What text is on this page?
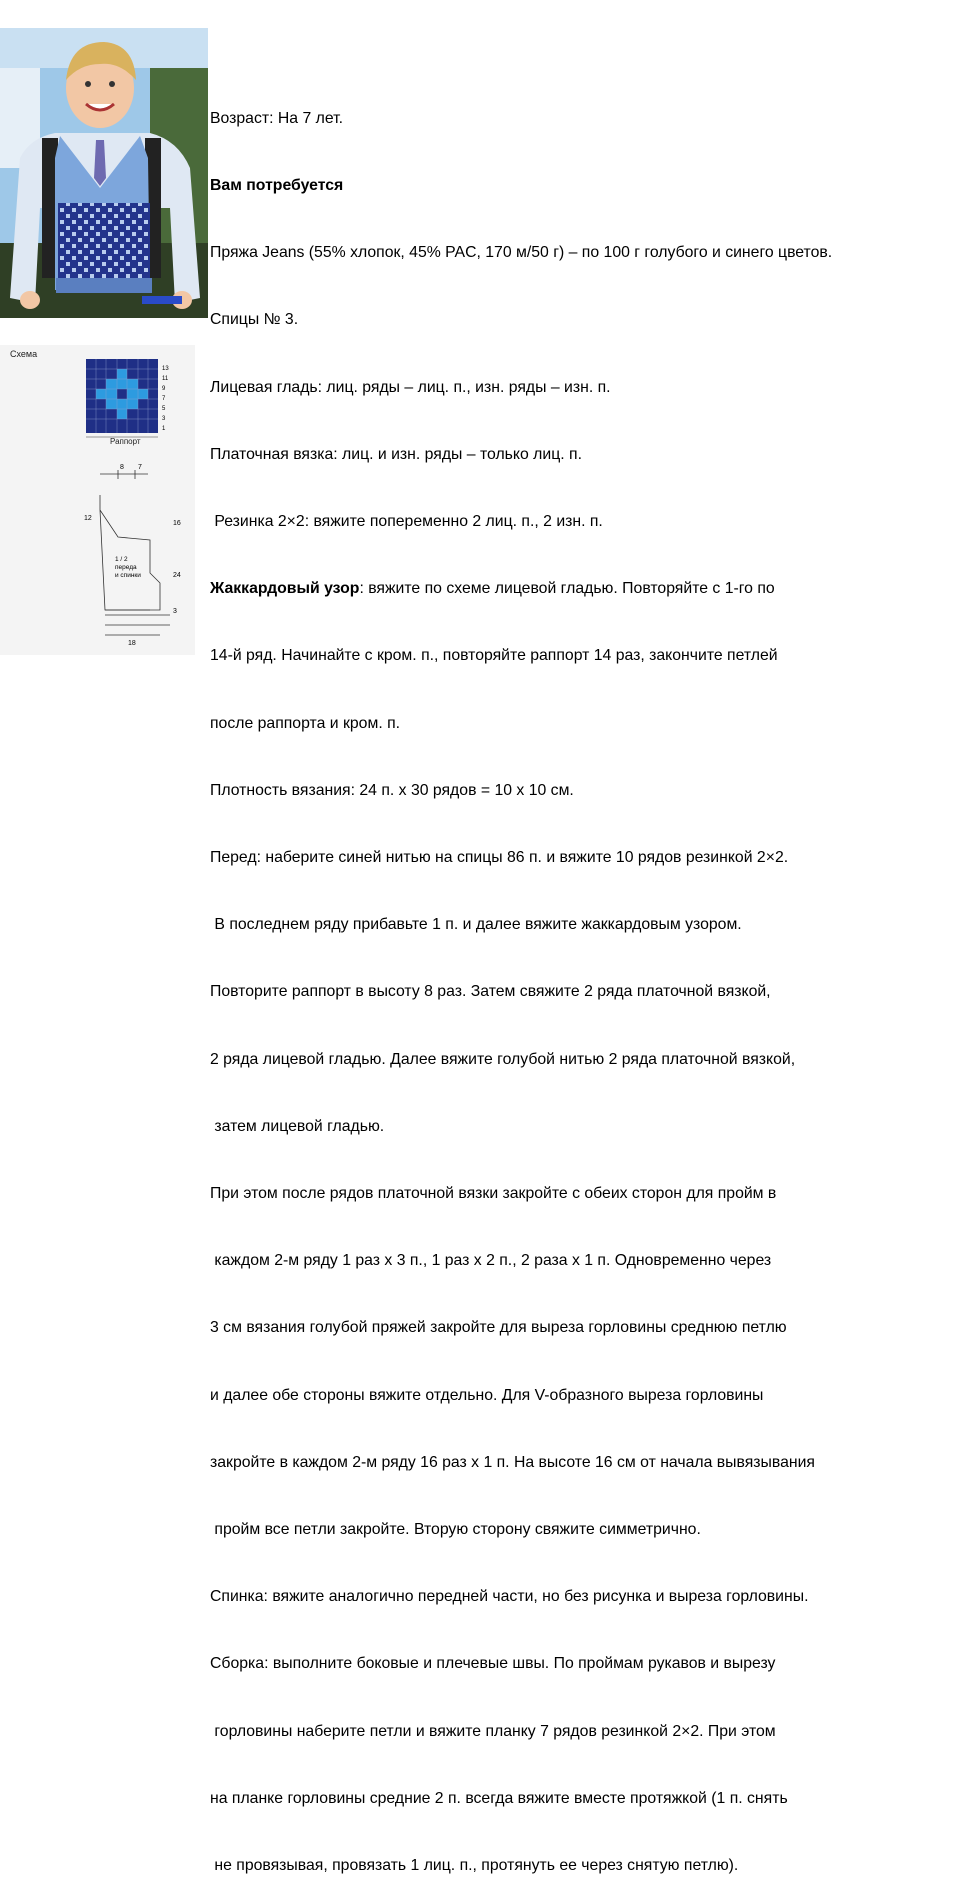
Схема
1
3
5
7
9
11
13
Раппорт
8 7
12
16
24
3
18
1 / 2
переда
и спинки

Возраст: На 7 лет.

Вам потребуется

Пряжа Jeans (55% хлопок, 45% PAC, 170 м/50 г) – по 100 г голубого и синего цветов.

Спицы № 3.

Лицевая гладь: лиц. ряды – лиц. п., изн. ряды – изн. п.

Платочная вязка: лиц. и изн. ряды – только лиц. п.

Резинка 2×2: вяжите попеременно 2 лиц. п., 2 изн. п.

Жаккардовый узор: вяжите по схеме лицевой гладью. Повторяйте с 1-го по

14-й ряд. Начинайте с кром. п., повторяйте раппорт 14 раз, закончите петлей

после раппорта и кром. п.

Плотность вязания: 24 п. х 30 рядов = 10 х 10 см.

Перед: наберите синей нитью на спицы 86 п. и вяжите 10 рядов резинкой 2×2.

В последнем ряду прибавьте 1 п. и далее вяжите жаккардовым узором.

Повторите раппорт в высоту 8 раз. Затем свяжите 2 ряда платочной вязкой,

2 ряда лицевой гладью. Далее вяжите голубой нитью 2 ряда платочной вязкой,

затем лицевой гладью.

При этом после рядов платочной вязки закройте с обеих сторон для пройм в

каждом 2-м ряду 1 раз х 3 п., 1 раз х 2 п., 2 раза х 1 п. Одновременно через

3 см вязания голубой пряжей закройте для выреза горловины среднюю петлю

и далее обе стороны вяжите отдельно. Для V-образного выреза горловины

закройте в каждом 2-м ряду 16 раз х 1 п. На высоте 16 см от начала вывязывания

пройм все петли закройте. Вторую сторону свяжите симметрично.

Спинка: вяжите аналогично передней части, но без рисунка и выреза горловины.

Сборка: выполните боковые и плечевые швы. По проймам рукавов и вырезу

горловины наберите петли и вяжите планку 7 рядов резинкой 2×2. При этом

на планке горловины средние 2 п. всегда вяжите вместе протяжкой (1 п. снять

не провязывая, провязать 1 лиц. п., протянуть ее через снятую петлю).
